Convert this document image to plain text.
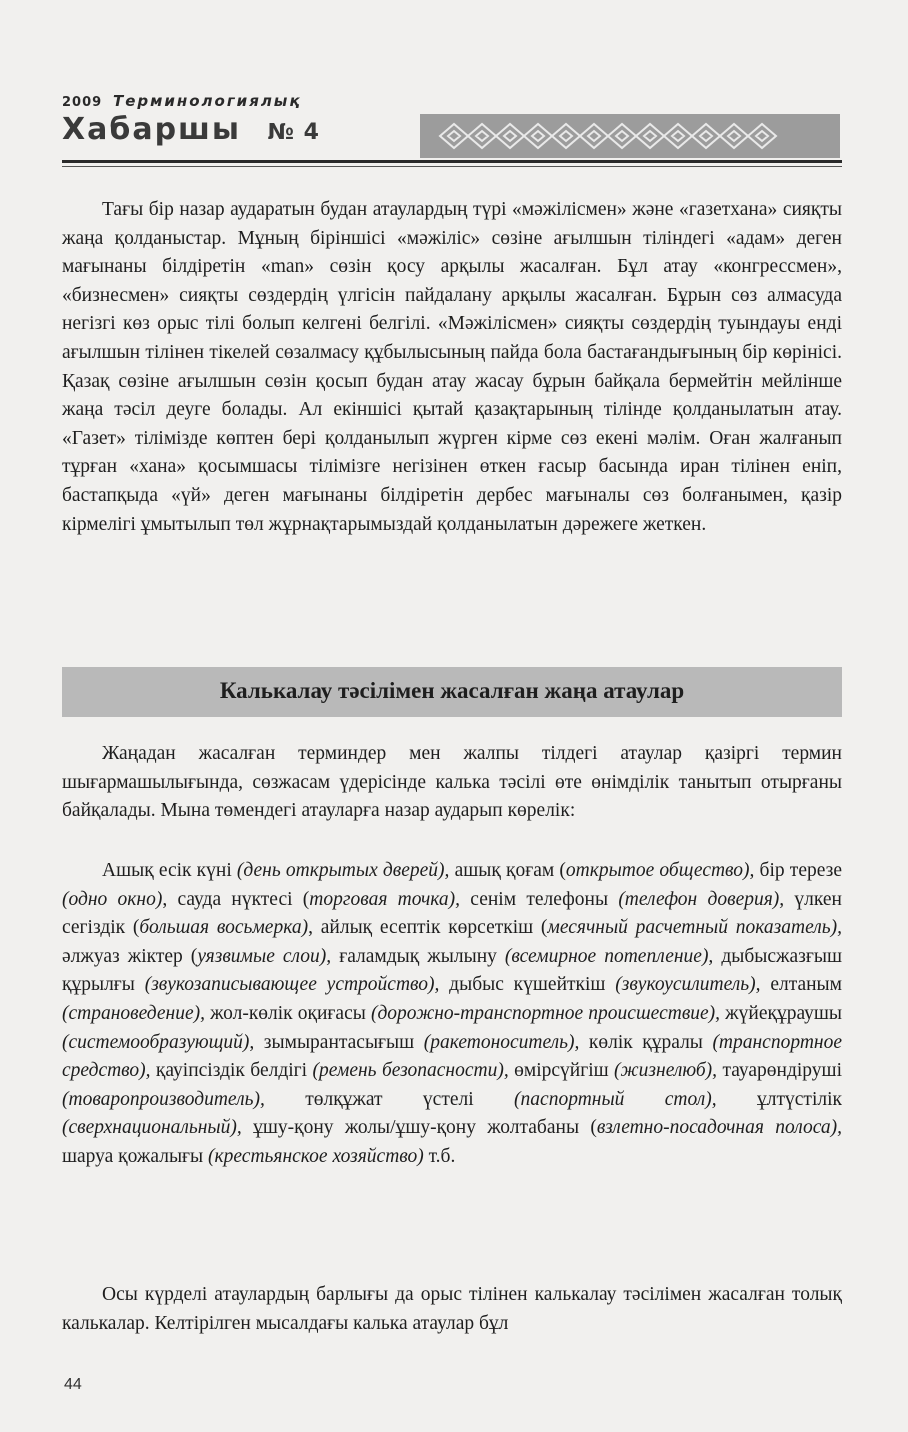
2009 Терминологиялық
Хабаршы № 4

Тағы бір назар аударатын будан атаулардың түрі «мәжілісмен» және «газетхана» сияқты жаңа қолданыстар. Мұның біріншісі «мәжіліс» сөзіне ағылшын тіліндегі «адам» деген мағынаны білдіретін «man» сөзін қосу арқылы жасалған. Бұл атау «конгрессмен», «бизнесмен» сияқты сөздердің үлгісін пайдалану арқылы жасалған. Бұрын сөз алмасуда негізгі көз орыс тілі болып келгені белгілі. «Мәжілісмен» сияқты сөздердің туындауы енді ағылшын тілінен тікелей сөзалмасу құбылысының пайда бола бастағандығының бір көрінісі. Қазақ сөзіне ағылшын сөзін қосып будан атау жасау бұрын байқала бермейтін мейлінше жаңа тәсіл деуге болады. Ал екіншісі қытай қазақтарының тілінде қолданылатын атау. «Газет» тілімізде көптен бері қолданылып жүрген кірме сөз екені мәлім. Оған жалғанып тұрған «хана» қосымшасы тілімізге негізінен өткен ғасыр басында иран тілінен еніп, бастапқыда «үй» деген мағынаны білдіретін дербес мағыналы сөз болғанымен, қазір кірмелігі ұмытылып төл жұрнақтарымыздай қолданылатын дәрежеге жеткен.

Калькалау тәсілімен жасалған жаңа атаулар

Жаңадан жасалған терминдер мен жалпы тілдегі атаулар қазіргі термин шығармашылығында, сөзжасам үдерісінде калька тәсілі өте өнімділік танытып отырғаны байқалады. Мына төмендегі атауларға назар аударып көрелік:

Ашық есік күні (день открытых дверей), ашық қоғам (открытое общество), бір терезе (одно окно), сауда нүктесі (торговая точка), сенім телефоны (телефон доверия), үлкен сегіздік (большая восьмерка), айлық есептік көрсеткіш (месячный расчетный показатель), әлжуаз жіктер (уязвимые слои), ғаламдық жылыну (всемирное потепление), дыбысжазғыш құрылғы (звукозаписывающее устройство), дыбыс күшейткіш (звукоусилитель), елтаным (страноведение), жол-көлік оқиғасы (дорожно-транспортное происшествие), жүйеқұраушы (системообразующий), зымырантасығыш (ракетоноситель), көлік құралы (транспортное средство), қауіпсіздік белдігі (ремень безопасности), өмірсүйгіш (жизнелюб), тауарөндіруші (товаропроизводитель), төлқұжат үстелі (паспортный стол), ұлтүстілік (сверхнациональный), ұшу-қону жолы/ұшу-қону жолтабаны (взлетно-посадочная полоса), шаруа қожалығы (крестьянское хозяйство) т.б.

Осы күрделі атаулардың барлығы да орыс тілінен калькалау тәсілімен жасалған толық калькалар. Келтірілген мысалдағы калька атаулар бұл

44
